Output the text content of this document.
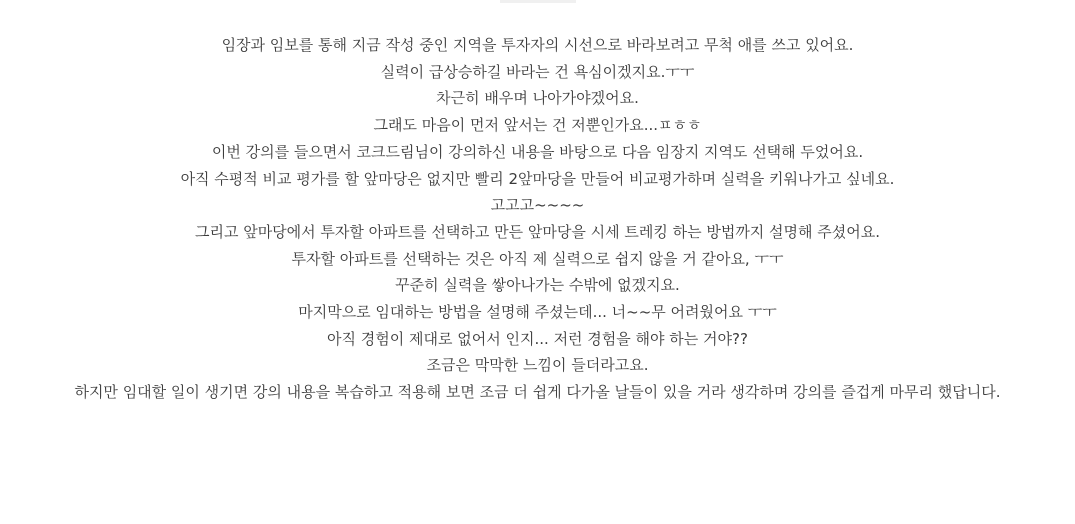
임장과 임보를 통해 지금 작성 중인 지역을 투자자의 시선으로 바라보려고 무척 애를 쓰고 있어요.

실력이 급상승하길 바라는 건 욕심이겠지요.ㅜㅜ

차근히 배우며 나아가야겠어요.

그래도 마음이 먼저 앞서는 건 저뿐인가요...ㅍㅎㅎ

이번 강의를 들으면서 코크드림님이 강의하신 내용을 바탕으로 다음 임장지 지역도 선택해 두었어요.

아직 수평적 비교 평가를 할 앞마당은 없지만 빨리 2앞마당을 만들어 비교평가하며 실력을 키워나가고 싶네요.

고고고~~~~

그리고 앞마당에서 투자할 아파트를 선택하고 만든 앞마당을 시세 트레킹 하는 방법까지 설명해 주셨어요.

투자할 아파트를 선택하는 것은 아직 제 실력으로 쉽지 않을 거 같아요, ㅜㅜ

꾸준히 실력을 쌓아나가는 수밖에 없겠지요.

마지막으로 임대하는 방법을 설명해 주셨는데... 너~~무 어려웠어요 ㅜㅜ

아직 경험이 제대로 없어서 인지... 저런 경험을 해야 하는 거야??

조금은 막막한 느낌이 들더라고요.

하지만 임대할 일이 생기면 강의 내용을 복습하고 적용해 보면 조금 더 쉽게 다가올 날들이 있을 거라 생각하며 강의를 즐겁게 마무리 했답니다.
